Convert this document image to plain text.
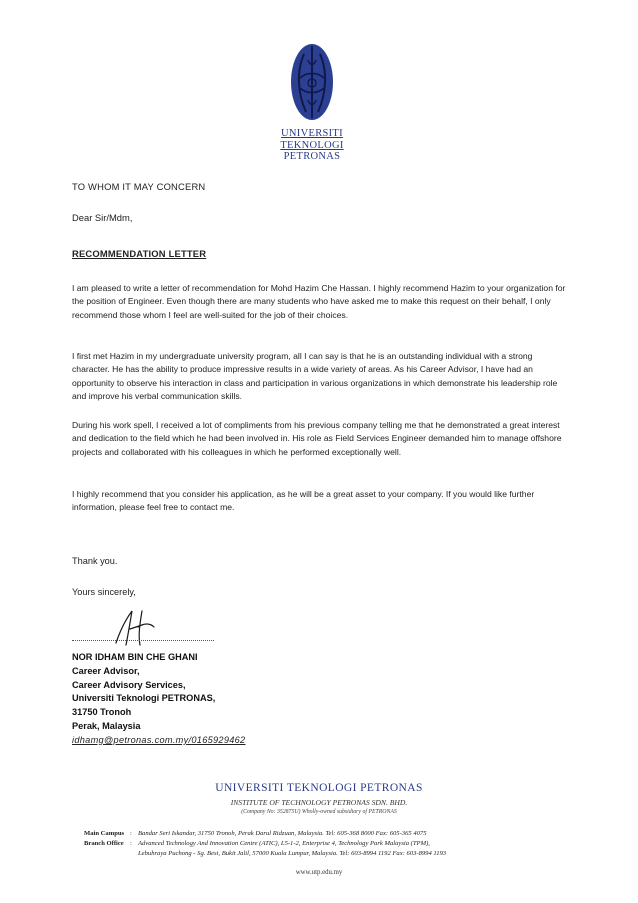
UNIVERSITI
TEKNOLOGI
PETRONAS
TO WHOM IT MAY CONCERN
Dear Sir/Mdm,
RECOMMENDATION LETTER
I am pleased to write a letter of recommendation for Mohd Hazim Che Hassan. I highly recommend Hazim to your organization for the position of Engineer. Even though there are many students who have asked me to make this request on their behalf, I only recommend those whom I feel are well-suited for the job of their choices.
I first met Hazim in my undergraduate university program, all I can say is that he is an outstanding individual with a strong character. He has the ability to produce impressive results in a wide variety of areas. As his Career Advisor, I have had an opportunity to observe his interaction in class and participation in various organizations in which demonstrate his leadership role and improve his verbal communication skills.
During his work spell, I received a lot of compliments from his previous company telling me that he demonstrated a great interest and dedication to the field which he had been involved in. His role as Field Services Engineer demanded him to manage offshore projects and collaborated with his colleagues in which he performed exceptionally well.
I highly recommend that you consider his application, as he will be a great asset to your company. If you would like further information, please feel free to contact me.
Thank you.
Yours sincerely,
NOR IDHAM BIN CHE GHANI
Career Advisor,
Career Advisory Services,
Universiti Teknologi PETRONAS,
31750 Tronoh
Perak, Malaysia
idhamg@petronas.com.my/0165929462
UNIVERSITI TEKNOLOGI PETRONAS
INSTITUTE OF TECHNOLOGY PETRONAS SDN. BHD.
(Company No: 352875U) Wholly-owned subsidiary of PETRONAS
Main Campus : Bandar Seri Iskandar, 31750 Tronoh, Perak Darul Ridzuan, Malaysia. Tel: 605-368 8000 Fax: 605-365 4075
Branch Office : Advanced Technology And Innovation Centre (ATIC), L5-1-2, Enterprise 4, Technology Park Malaysia (TPM),
Lebuhraya Puchong - Sg. Besi, Bukit Jalil, 57000 Kuala Lumpur, Malaysia. Tel: 603-8994 1192 Fax: 603-8994 1193
www.utp.edu.my
